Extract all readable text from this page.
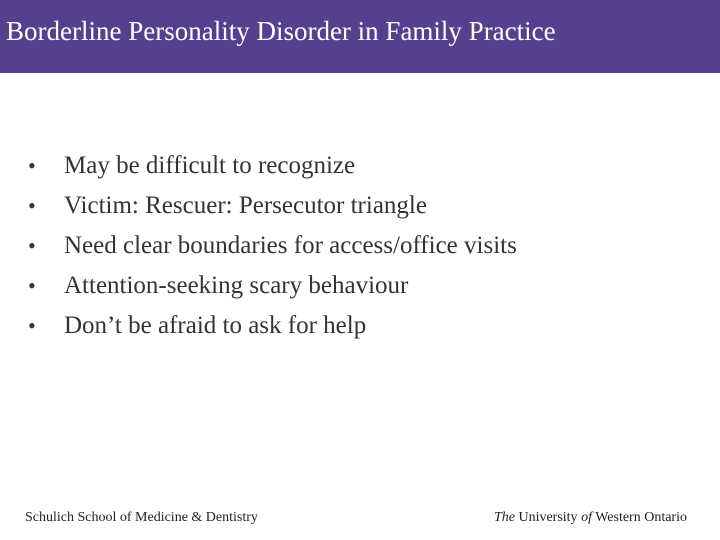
Borderline Personality Disorder in Family Practice
•	May be difficult to recognize
•	Victim: Rescuer: Persecutor triangle
•	Need clear boundaries for access/office visits
•	Attention-seeking scary behaviour
•	Don’t be afraid to ask for help
Schulich School of Medicine & Dentistry	The University of Western Ontario
